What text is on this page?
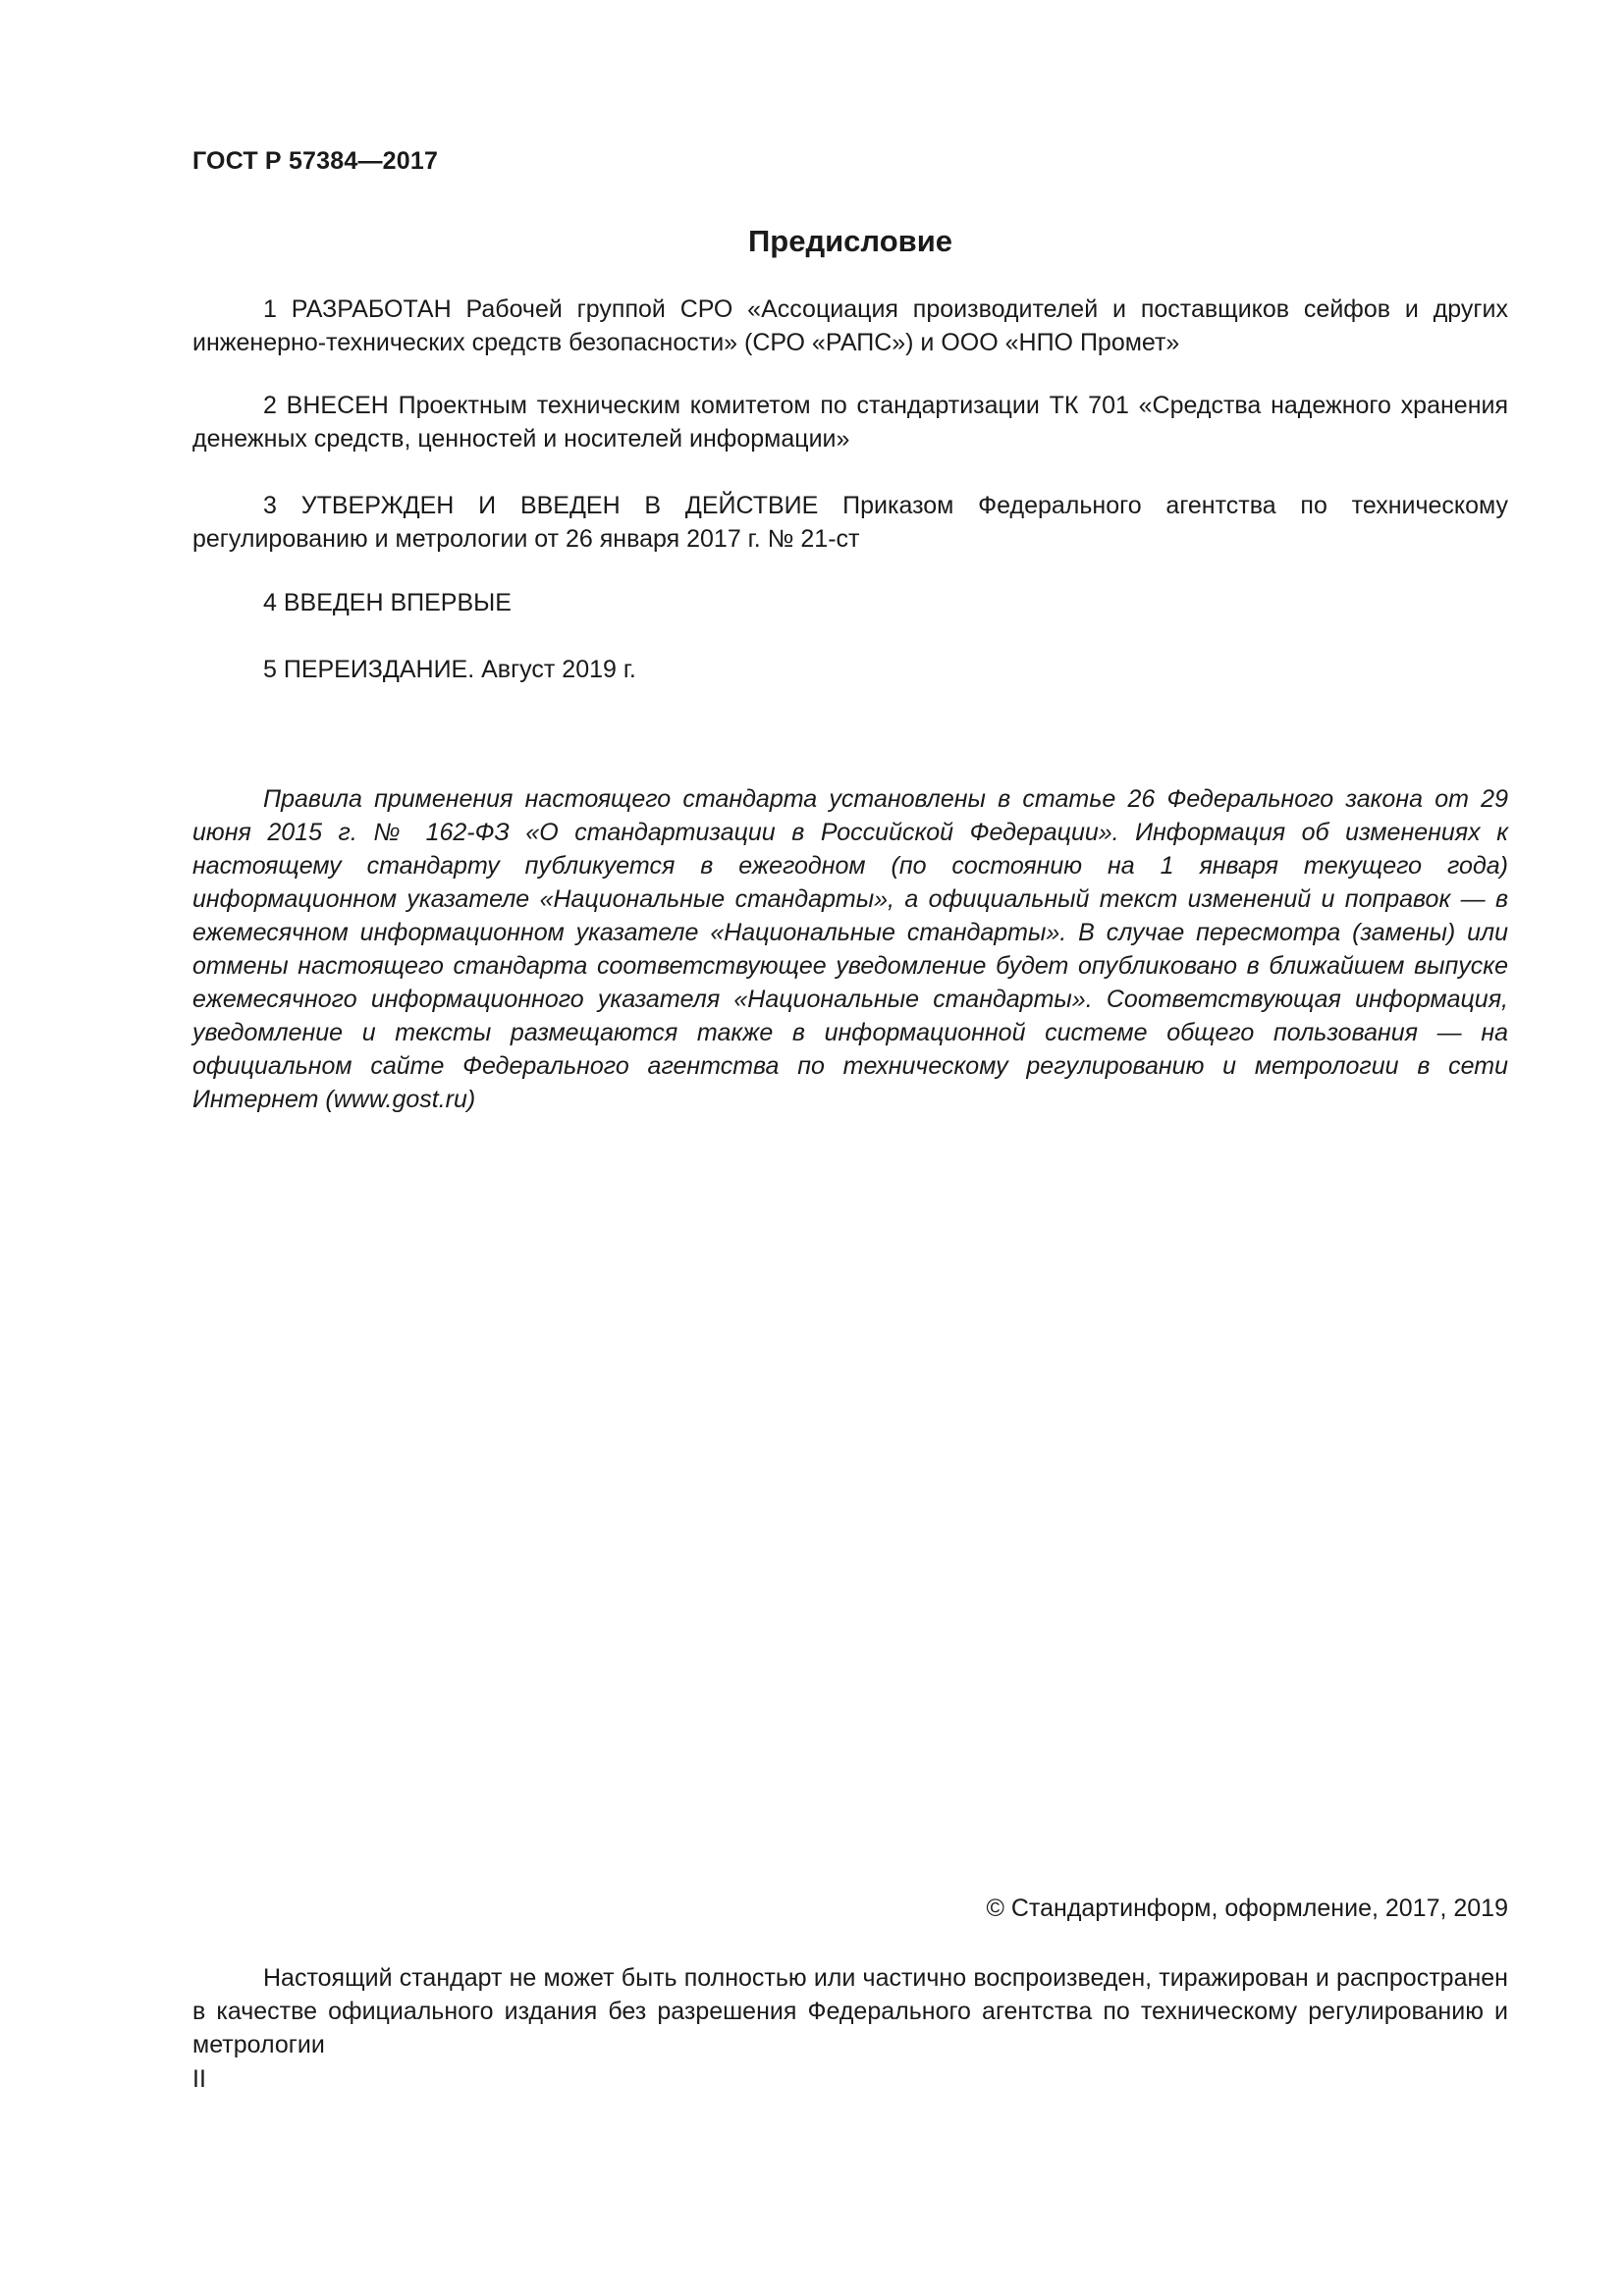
ГОСТ Р 57384—2017
Предисловие
1 РАЗРАБОТАН Рабочей группой СРО «Ассоциация производителей и поставщиков сейфов и других инженерно-технических средств безопасности» (СРО «РАПС») и ООО «НПО Промет»
2 ВНЕСЕН Проектным техническим комитетом по стандартизации ТК 701 «Средства надежного хранения денежных средств, ценностей и носителей информации»
3 УТВЕРЖДЕН И ВВЕДЕН В ДЕЙСТВИЕ Приказом Федерального агентства по техническому регулированию и метрологии от 26 января 2017 г. № 21-ст
4 ВВЕДЕН ВПЕРВЫЕ
5 ПЕРЕИЗДАНИЕ. Август 2019 г.
Правила применения настоящего стандарта установлены в статье 26 Федерального закона от 29 июня 2015 г. № 162-ФЗ «О стандартизации в Российской Федерации». Информация об изменениях к настоящему стандарту публикуется в ежегодном (по состоянию на 1 января текущего года) информационном указателе «Национальные стандарты», а официальный текст изменений и поправок — в ежемесячном информационном указателе «Национальные стандарты». В случае пересмотра (замены) или отмены настоящего стандарта соответствующее уведомление будет опубликовано в ближайшем выпуске ежемесячного информационного указателя «Национальные стандарты». Соответствующая информация, уведомление и тексты размещаются также в информационной системе общего пользования — на официальном сайте Федерального агентства по техническому регулированию и метрологии в сети Интернет (www.gost.ru)
© Стандартинформ, оформление, 2017, 2019
Настоящий стандарт не может быть полностью или частично воспроизведен, тиражирован и распространен в качестве официального издания без разрешения Федерального агентства по техническому регулированию и метрологии
II
